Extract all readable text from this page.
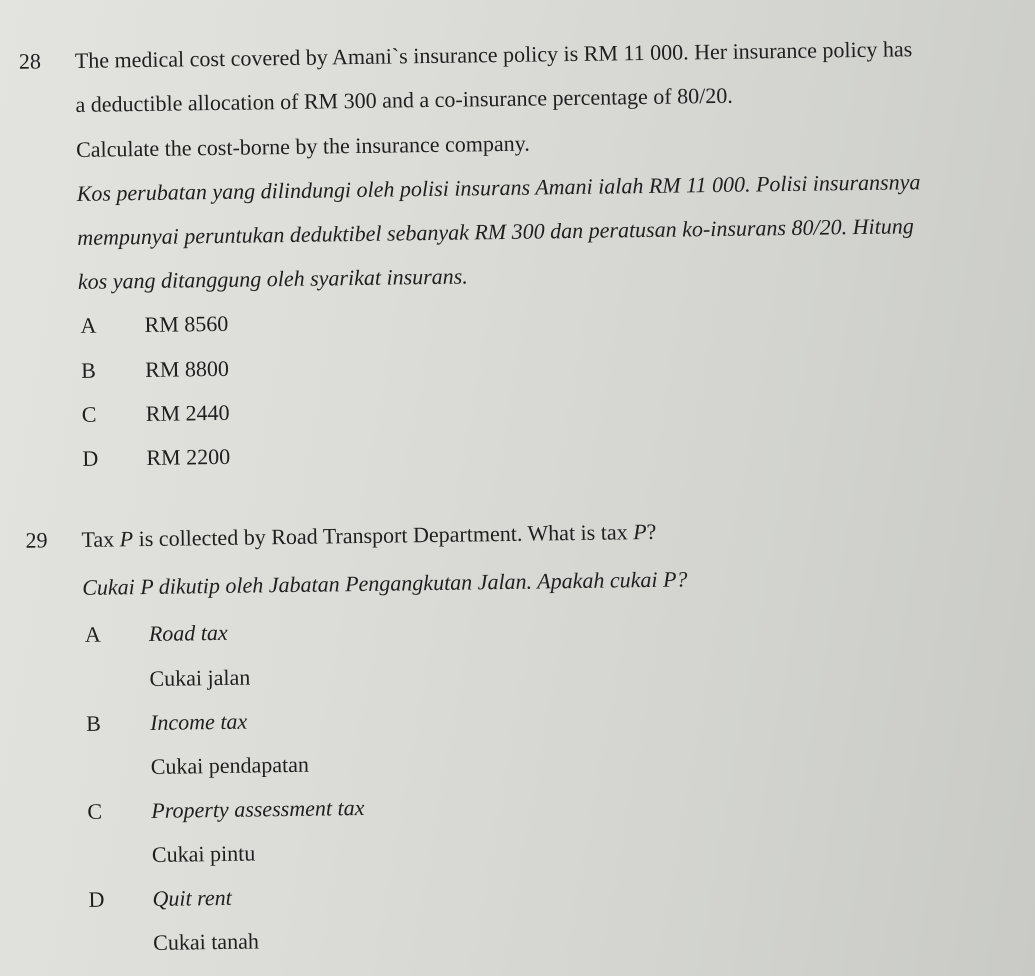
28 The medical cost covered by Amani`s insurance policy is RM 11 000. Her insurance policy has
a deductible allocation of RM 300 and a co-insurance percentage of 80/20.
Calculate the cost-borne by the insurance company.
Kos perubatan yang dilindungi oleh polisi insurans Amani ialah RM 11 000. Polisi insuransnya
mempunyai peruntukan deduktibel sebanyak RM 300 dan peratusan ko-insurans 80/20. Hitung
kos yang ditanggung oleh syarikat insurans.
A RM 8560
B RM 8800
C RM 2440
D RM 2200
29 Tax P is collected by Road Transport Department. What is tax P?
Cukai P dikutip oleh Jabatan Pengangkutan Jalan. Apakah cukai P?
A Road tax
Cukai jalan
B Income tax
Cukai pendapatan
C Property assessment tax
Cukai pintu
D Quit rent
Cukai tanah
